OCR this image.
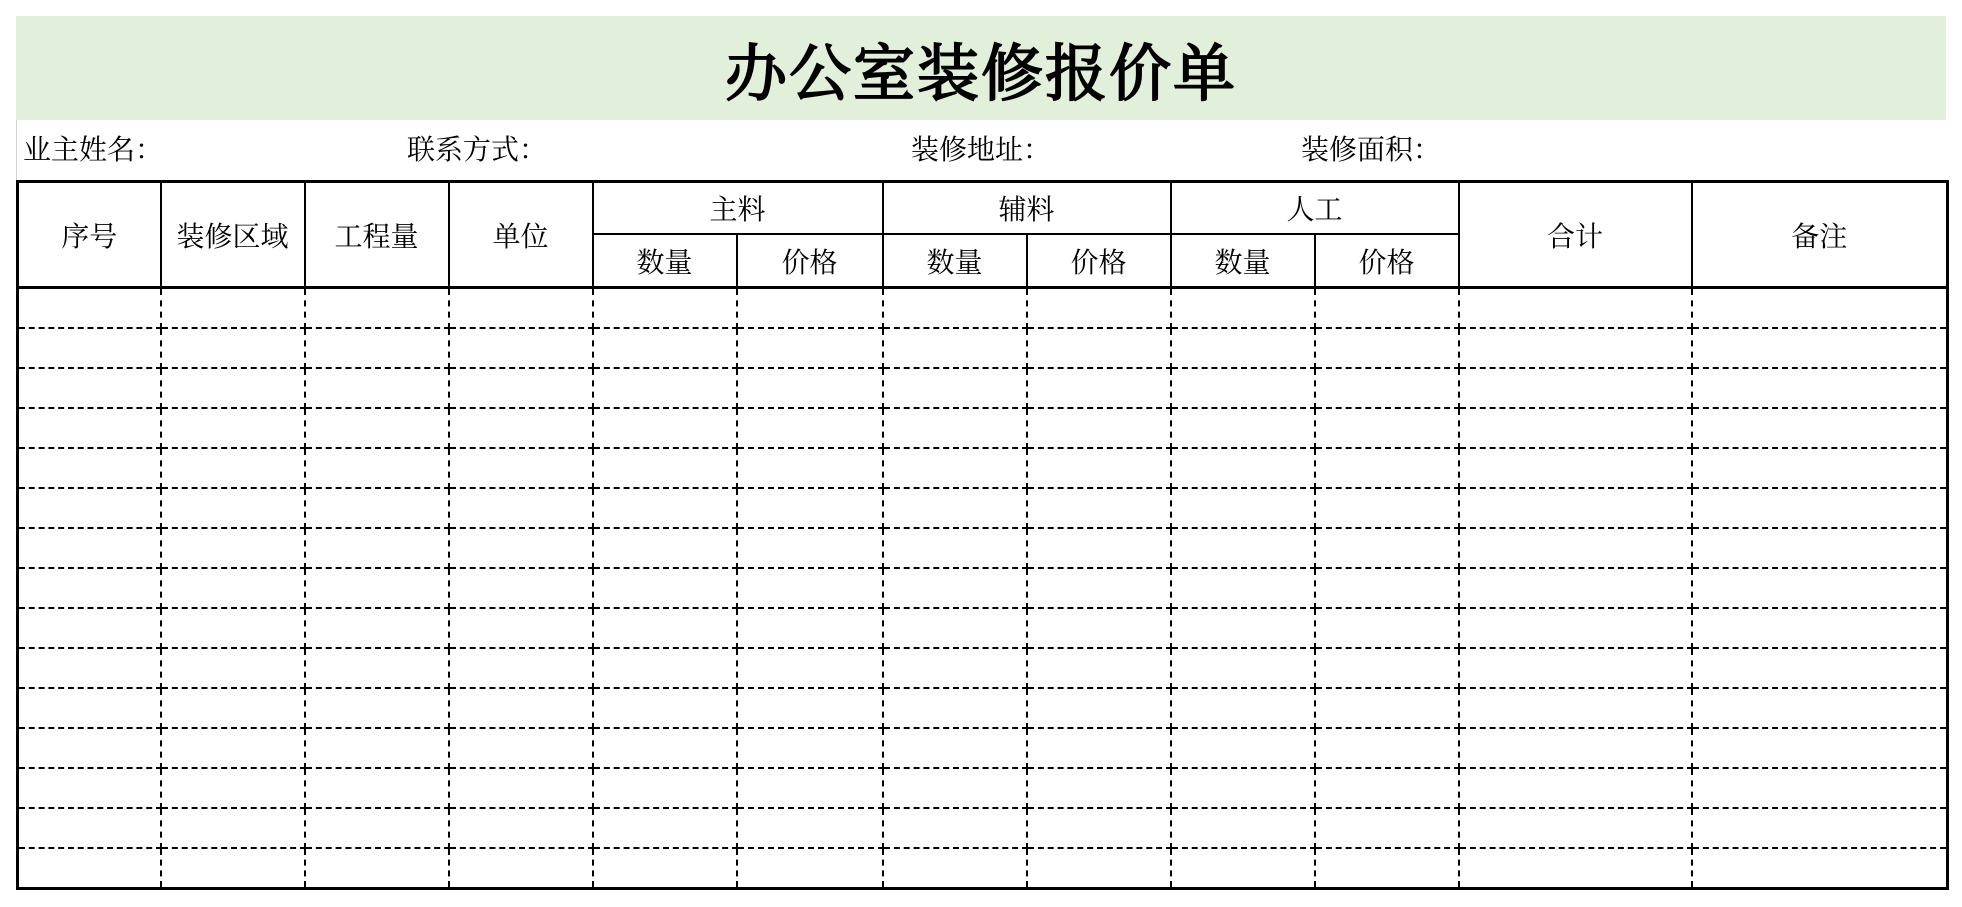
办公室装修报价单
业主姓名：	联系方式：	装修地址：	装修面积：
序号	装修区域	工程量	单位	主料		辅料		人工		合计	备注
				数量	价格	数量	价格	数量	价格		
